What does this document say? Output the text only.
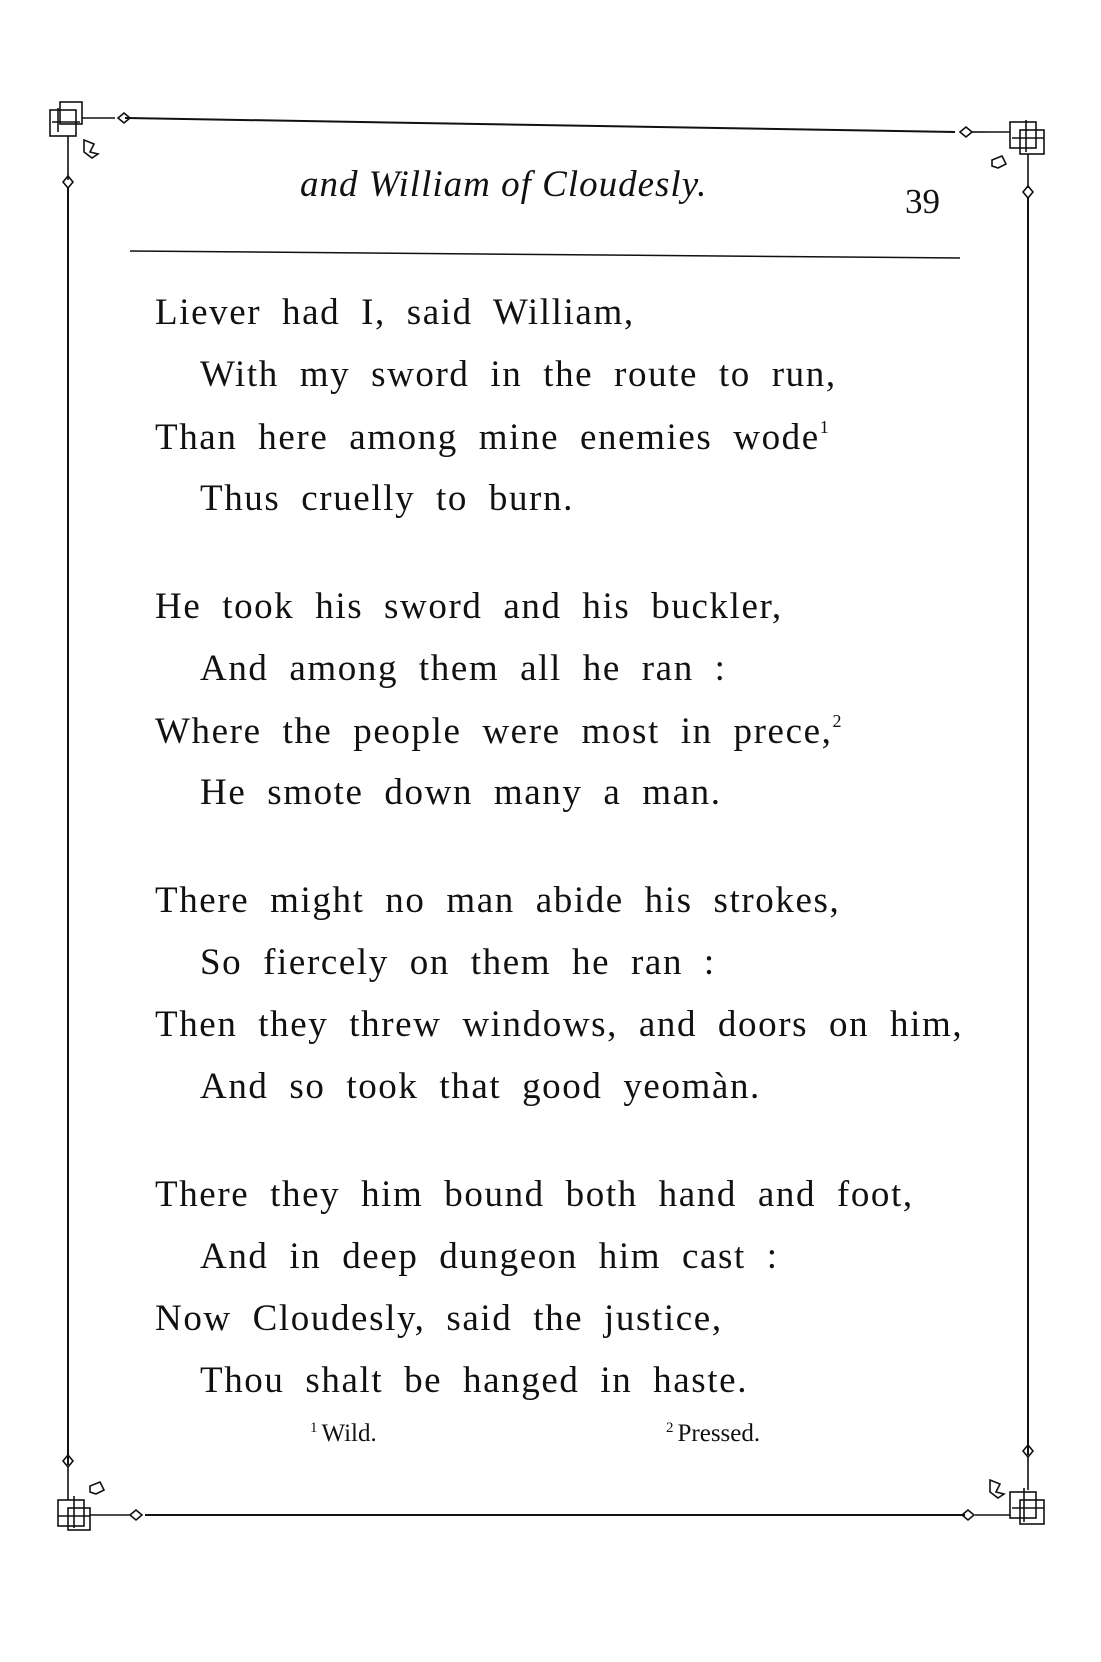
and William of Cloudesly.	39
Liever had I, said William,
With my sword in the route to run,
Than here among mine enemies wode$^1$
Thus cruelly to burn.
He took his sword and his buckler,
And among them all he ran :
Where the people were most in prece,$^2$
He smote down many a man.
There might no man abide his strokes,
So fiercely on them he ran :
Then they threw windows, and doors on him,
And so took that good yeomàn.
There they him bound both hand and foot,
And in deep dungeon him cast :
Now Cloudesly, said the justice,
Thou shalt be hanged in haste.
$^1$ Wild.	$^2$ Pressed.
